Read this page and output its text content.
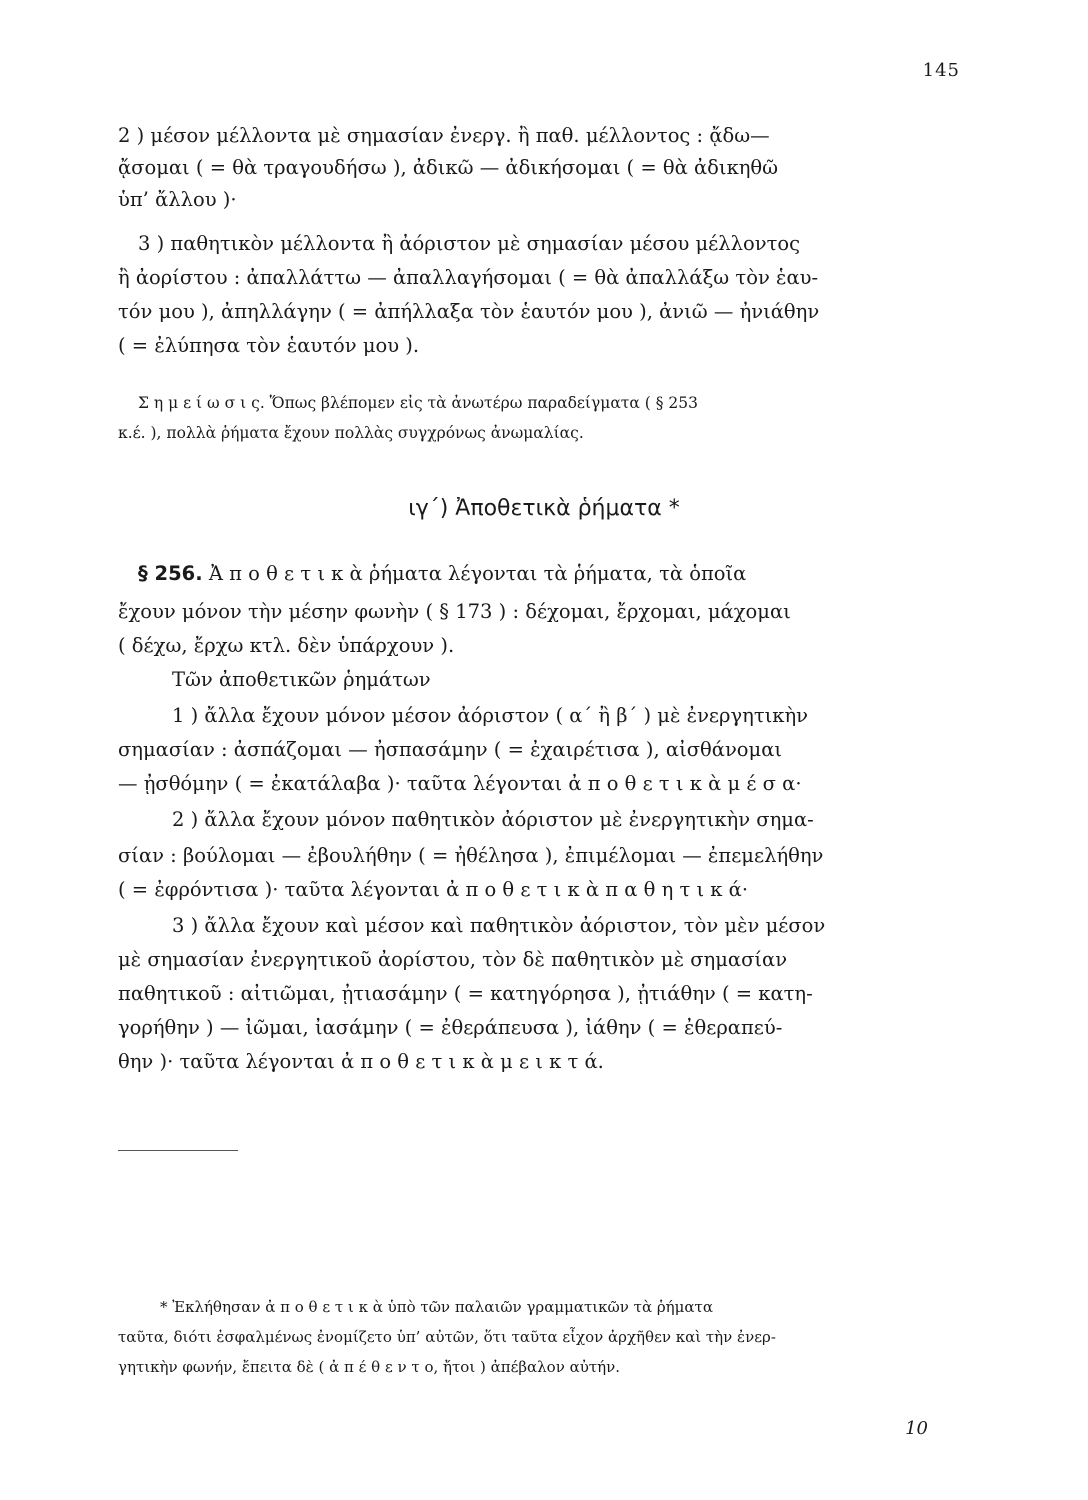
145
2 ) μέσον μέλλοντα μὲ σημασίαν ἐνεργ. ἢ παθ. μέλλοντος : ᾄδω—
ᾄσομαι ( = θὰ τραγουδήσω ), ἀδικῶ — ἀδικήσομαι ( = θὰ ἀδικηθῶ
ὑπ’ ἄλλου )·
3 ) παθητικὸν μέλλοντα ἢ ἀόριστον μὲ σημασίαν μέσου μέλλοντος
ἢ ἀορίστου : ἀπαλλάττω — ἀπαλλαγήσομαι ( = θὰ ἀπαλλάξω τὸν ἑαυ-
τόν μου ), ἀπηλλάγην ( = ἀπήλλαξα τὸν ἑαυτόν μου ), ἀνιῶ — ἠνιάθην
( = ἐλύπησα τὸν ἑαυτόν μου ).
Σ η μ ε ί ω σ ι ς. Ὅπως βλέπομεν εἰς τὰ ἀνωτέρω παραδείγματα ( § 253
κ.έ. ), πολλὰ ῥήματα ἔχουν πολλὰς συγχρόνως ἀνωμαλίας.
ιγ΄) Ἀποθετικὰ ῥήματα *
§ 256. Ἀ π ο θ ε τ ι κ ὰ ῥήματα λέγονται τὰ ῥήματα, τὰ ὁποῖα
ἔχουν μόνον τὴν μέσην φωνὴν ( § 173 ) : δέχομαι, ἔρχομαι, μάχομαι
( δέχω, ἔρχω κτλ. δὲν ὑπάρχουν ).
Τῶν ἀποθετικῶν ῥημάτων
1 ) ἄλλα ἔχουν μόνον μέσον ἀόριστον ( α΄ ἢ β΄ ) μὲ ἐνεργητικὴν
σημασίαν : ἀσπάζομαι — ἠσπασάμην ( = ἐχαιρέτισα ), αἰσθάνομαι
— ᾐσθόμην ( = ἐκατάλαβα )· ταῦτα λέγονται ἀ π ο θ ε τ ι κ ὰ μ έ σ α·
2 ) ἄλλα ἔχουν μόνον παθητικὸν ἀόριστον μὲ ἐνεργητικὴν σημα-
σίαν : βούλομαι — ἐβουλήθην ( = ἠθέλησα ), ἐπιμέλομαι — ἐπεμελήθην
( = ἐφρόντισα )· ταῦτα λέγονται ἀ π ο θ ε τ ι κ ὰ π α θ η τ ι κ ά·
3 ) ἄλλα ἔχουν καὶ μέσον καὶ παθητικὸν ἀόριστον, τὸν μὲν μέσον
μὲ σημασίαν ἐνεργητικοῦ ἀορίστου, τὸν δὲ παθητικὸν μὲ σημασίαν
παθητικοῦ : αἰτιῶμαι, ᾐτιασάμην ( = κατηγόρησα ), ᾐτιάθην ( = κατη-
γορήθην ) — ἰῶμαι, ἰασάμην ( = ἐθεράπευσα ), ἰάθην ( = ἐθεραπεύ-
θην )· ταῦτα λέγονται ἀ π ο θ ε τ ι κ ὰ μ ε ι κ τ ά.
* Ἐκλήθησαν ἀ π ο θ ε τ ι κ ὰ ὑπὸ τῶν παλαιῶν γραμματικῶν τὰ ῥήματα
ταῦτα, διότι ἐσφαλμένως ἐνομίζετο ὑπ’ αὐτῶν, ὅτι ταῦτα εἶχον ἀρχῆθεν καὶ τὴν ἐνερ-
γητικὴν φωνήν, ἔπειτα δὲ ( ἀ π έ θ ε ν τ ο, ἤτοι ) ἀπέβαλον αὐτήν.
10
